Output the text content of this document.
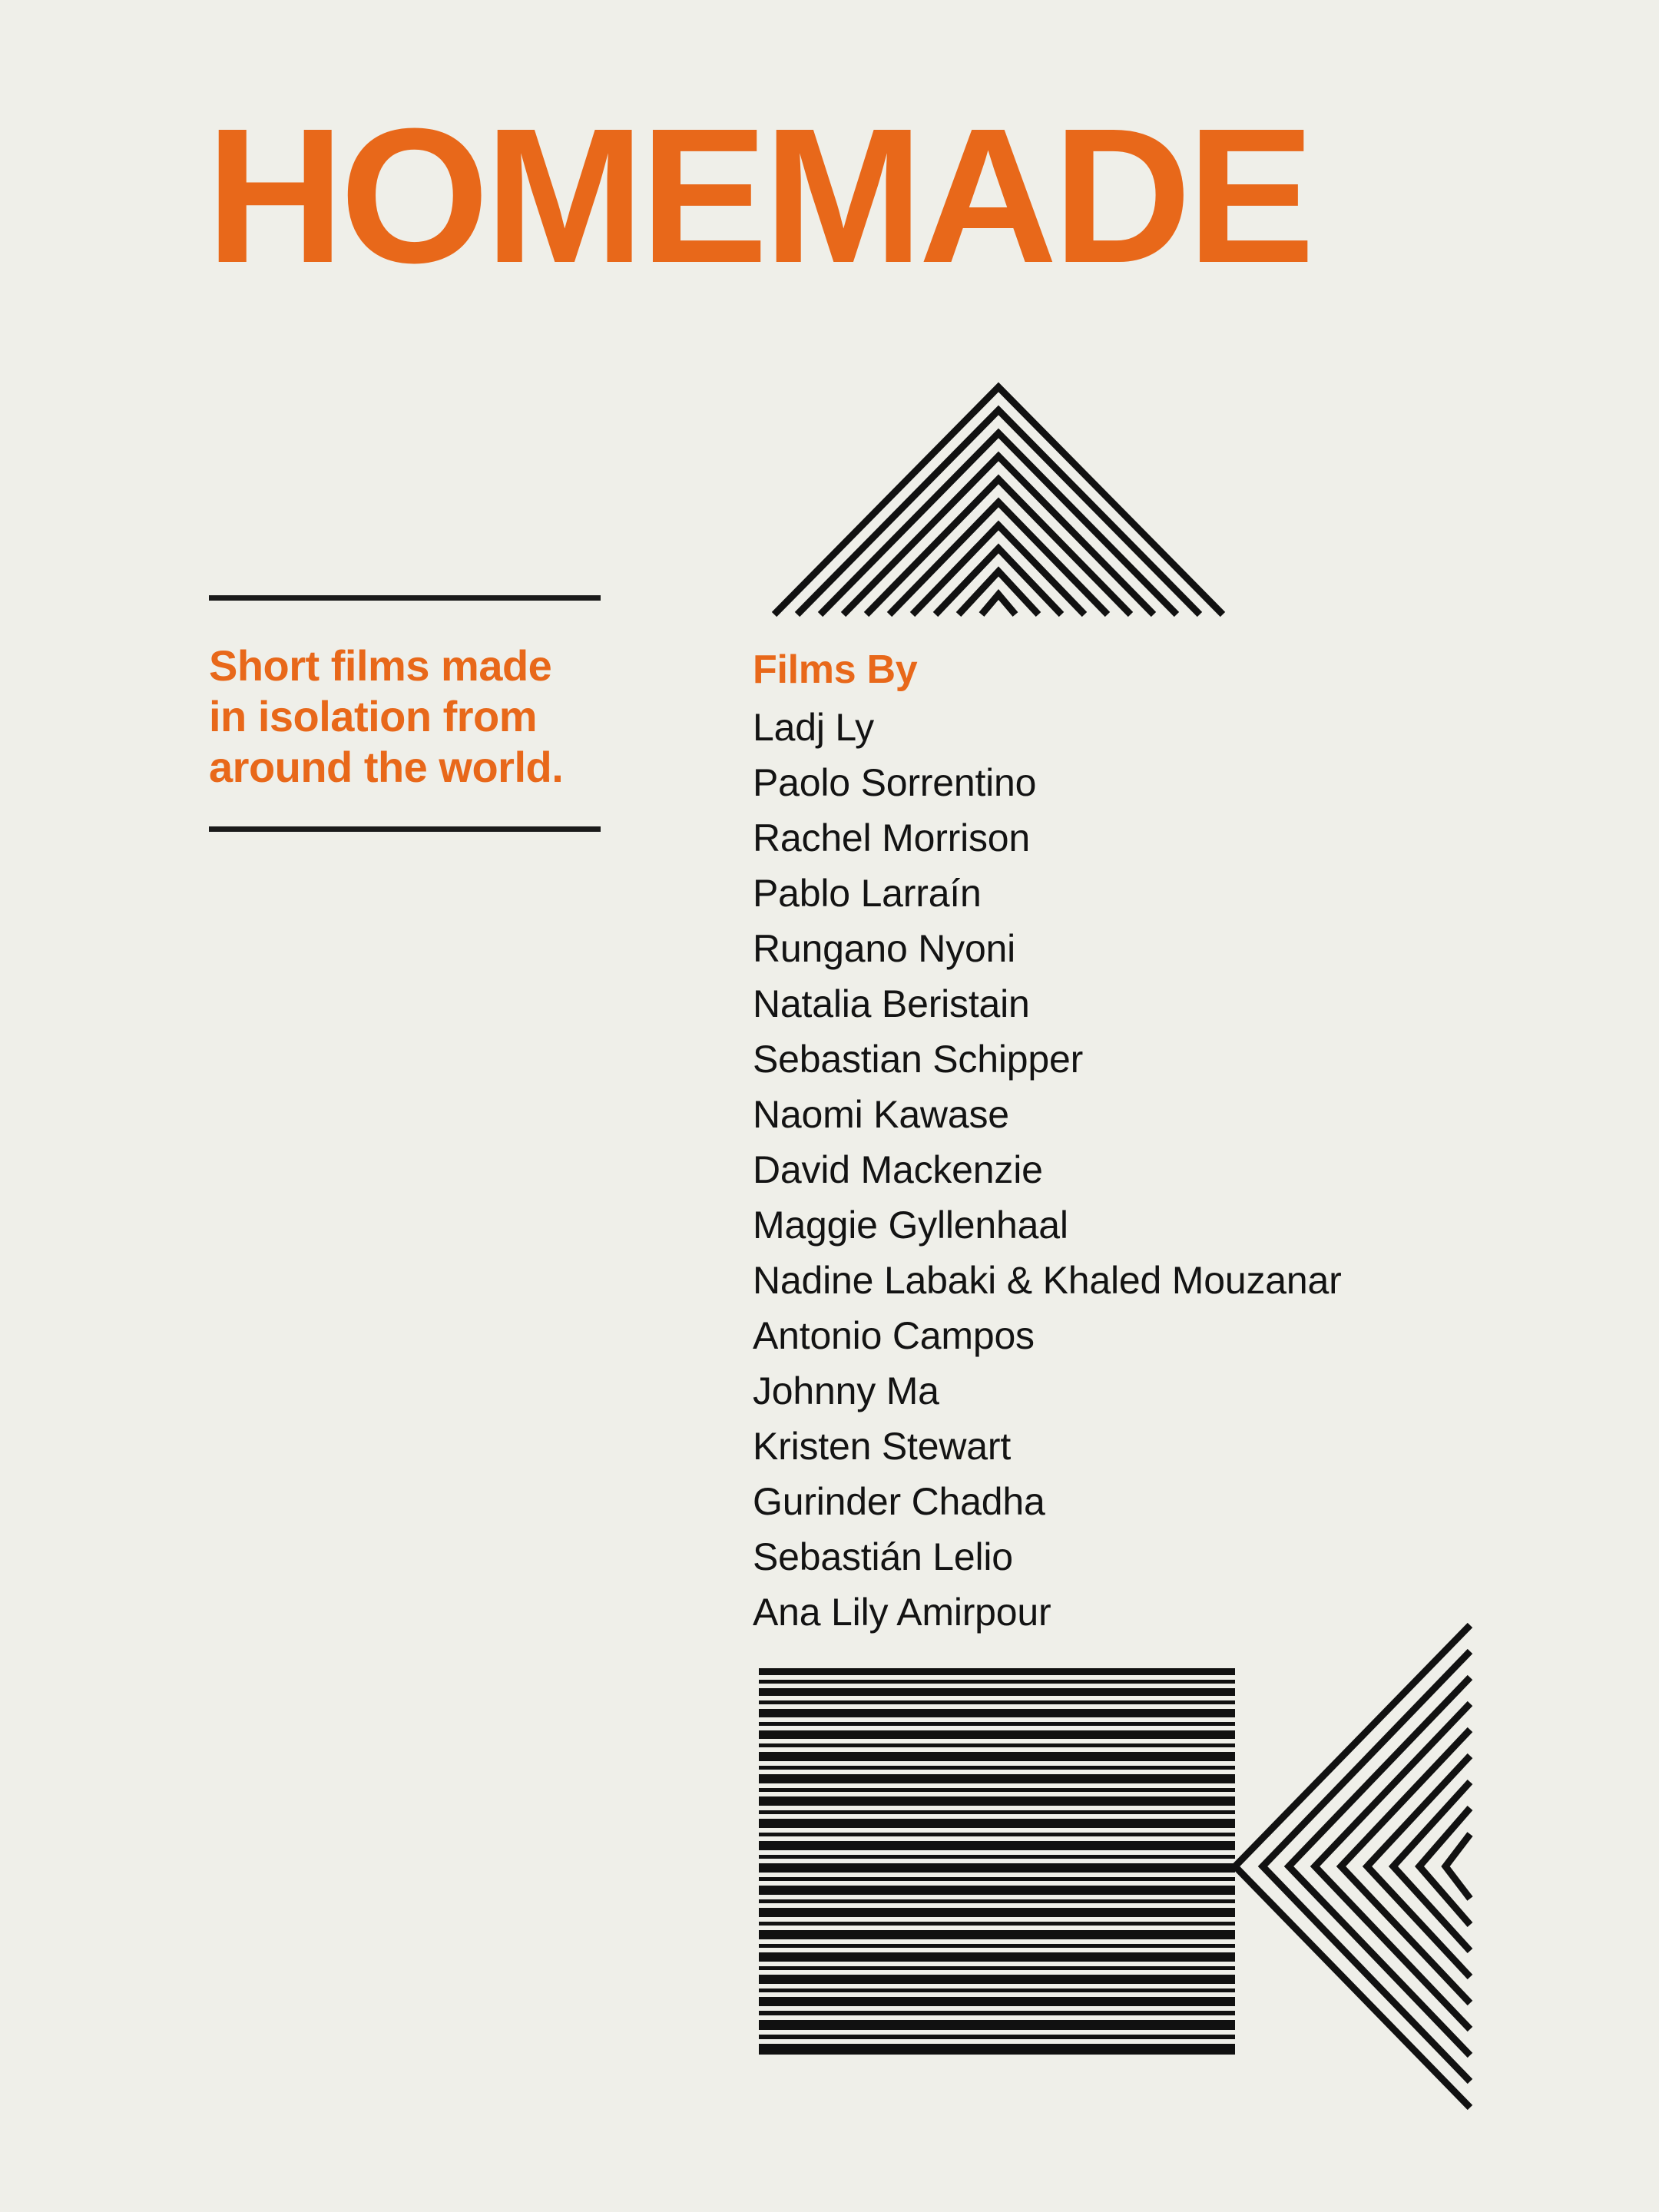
HOMEMADE
Short films made in isolation from around the world.
Films By
Ladj Ly
Paolo Sorrentino
Rachel Morrison
Pablo Larraín
Rungano Nyoni
Natalia Beristain
Sebastian Schipper
Naomi Kawase
David Mackenzie
Maggie Gyllenhaal
Nadine Labaki & Khaled Mouzanar
Antonio Campos
Johnny Ma
Kristen Stewart
Gurinder Chadha
Sebastián Lelio
Ana Lily Amirpour
